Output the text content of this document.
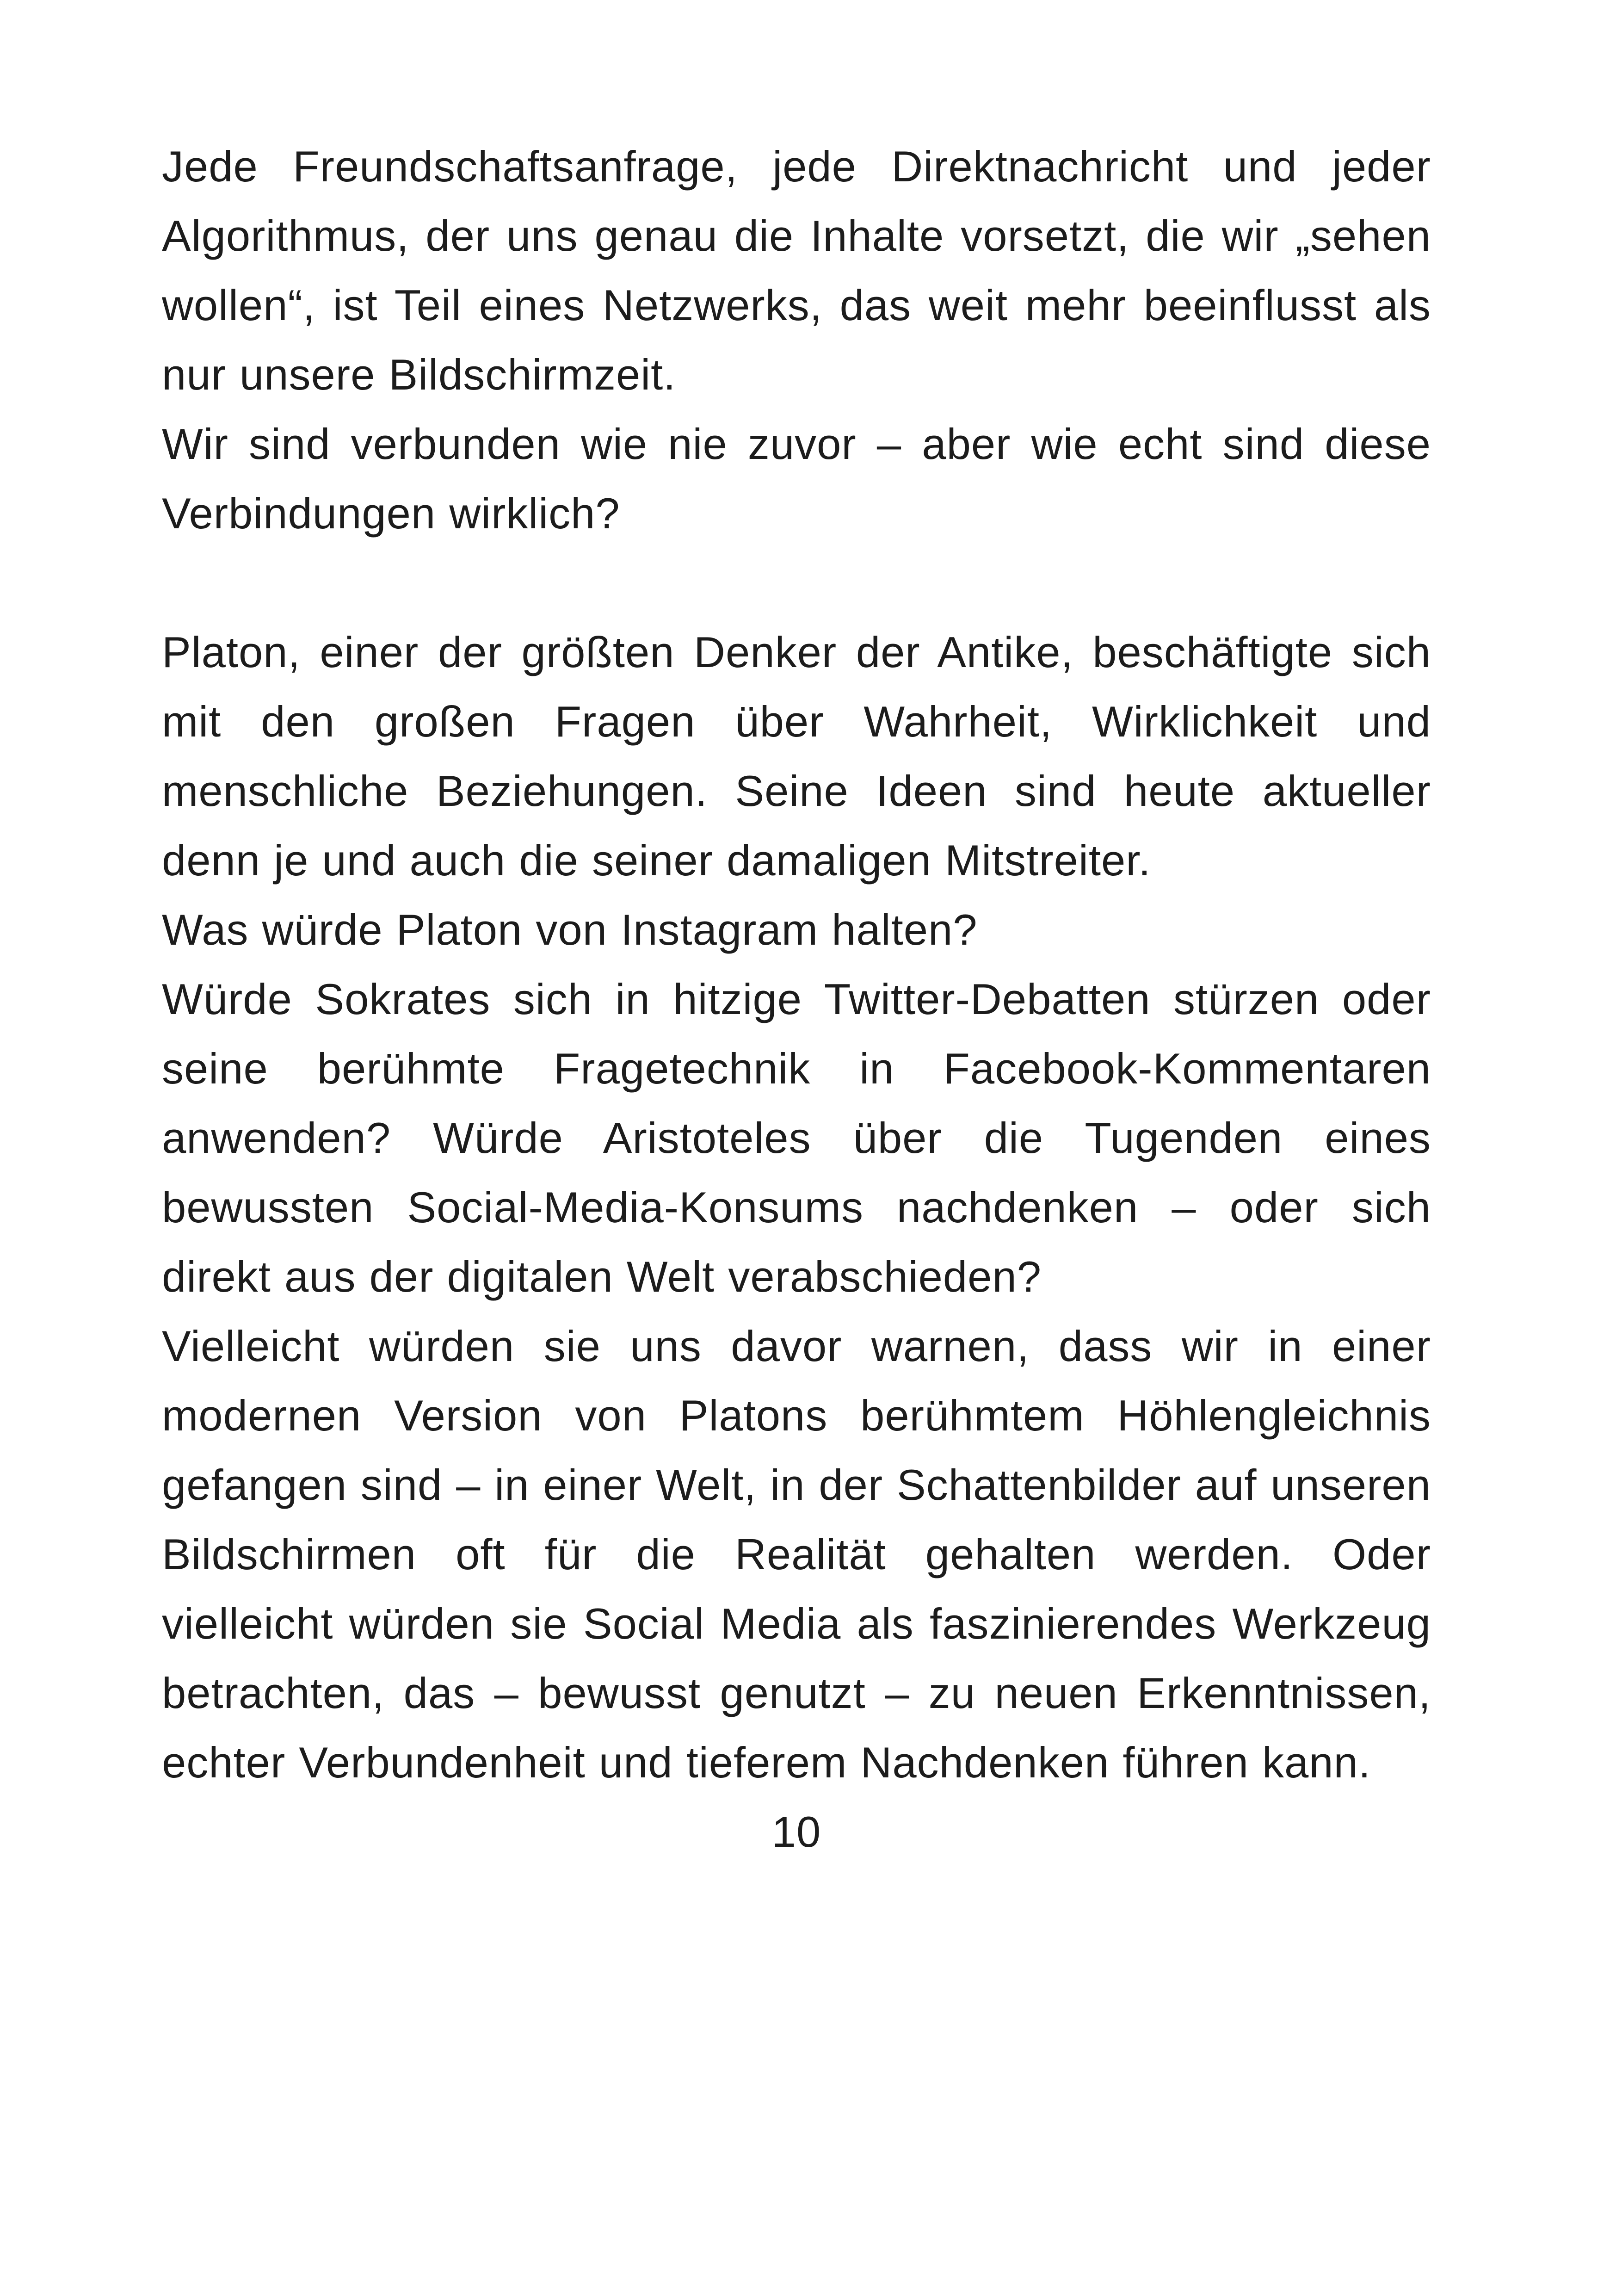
Jede Freundschaftsanfrage, jede Direktnachricht und jeder Algorithmus, der uns genau die Inhalte vorsetzt, die wir „sehen wollen“, ist Teil eines Netzwerks, das weit mehr beeinflusst als nur unsere Bildschirmzeit.

Wir sind verbunden wie nie zuvor – aber wie echt sind diese Verbindungen wirklich?

Platon, einer der größten Denker der Antike, beschäftigte sich mit den großen Fragen über Wahrheit, Wirklichkeit und menschliche Beziehungen. Seine Ideen sind heute aktueller denn je und auch die seiner damaligen Mitstreiter.

Was würde Platon von Instagram halten?

Würde Sokrates sich in hitzige Twitter-Debatten stürzen oder seine berühmte Fragetechnik in Facebook-Kommentaren anwenden? Würde Aristoteles über die Tugenden eines bewussten Social-Media-Konsums nachdenken – oder sich direkt aus der digitalen Welt verabschieden?

Vielleicht würden sie uns davor warnen, dass wir in einer modernen Version von Platons berühmtem Höhlengleichnis gefangen sind – in einer Welt, in der Schattenbilder auf unseren Bildschirmen oft für die Realität gehalten werden. Oder vielleicht würden sie Social Media als faszinierendes Werkzeug betrachten, das – bewusst genutzt – zu neuen Erkenntnissen, echter Verbundenheit und tieferem Nachdenken führen kann.

10
